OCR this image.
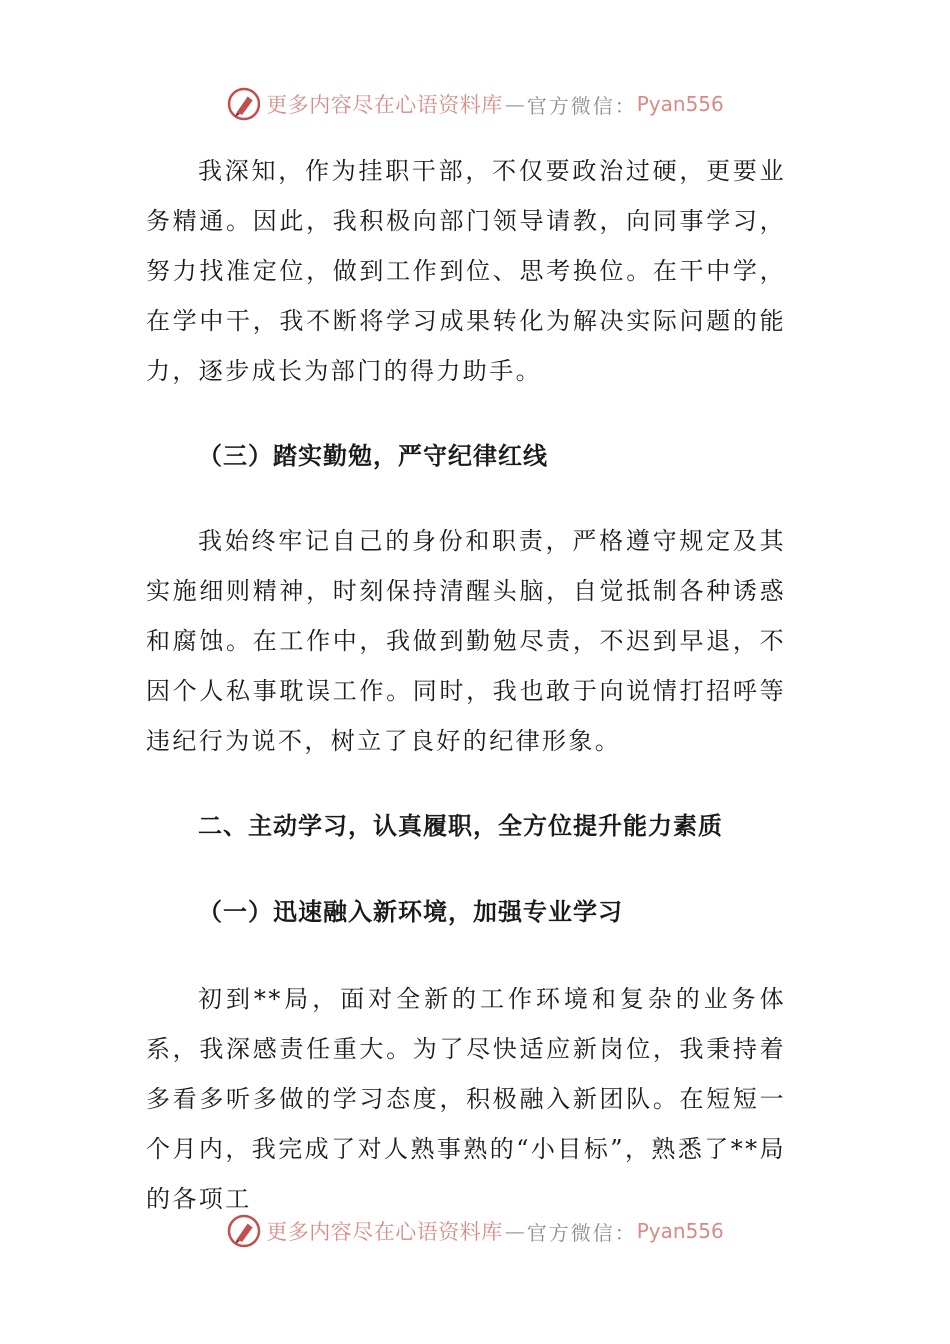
更多内容尽在心语资料库 — 官方微信： Pyan556

我深知，作为挂职干部，不仅要政治过硬，更要业务精通。因此，我积极向部门领导请教，向同事学习，努力找准定位，做到工作到位、思考换位。在干中学，在学中干，我不断将学习成果转化为解决实际问题的能力，逐步成长为部门的得力助手。

（三）踏实勤勉，严守纪律红线

我始终牢记自己的身份和职责，严格遵守规定及其实施细则精神，时刻保持清醒头脑，自觉抵制各种诱惑和腐蚀。在工作中，我做到勤勉尽责，不迟到早退，不因个人私事耽误工作。同时，我也敢于向说情打招呼等违纪行为说不，树立了良好的纪律形象。

二、主动学习，认真履职，全方位提升能力素质

（一）迅速融入新环境，加强专业学习

初到**局，面对全新的工作环境和复杂的业务体系，我深感责任重大。为了尽快适应新岗位，我秉持着多看多听多做的学习态度，积极融入新团队。在短短一个月内，我完成了对人熟事熟的“小目标”，熟悉了**局的各项工

更多内容尽在心语资料库 — 官方微信： Pyan556
